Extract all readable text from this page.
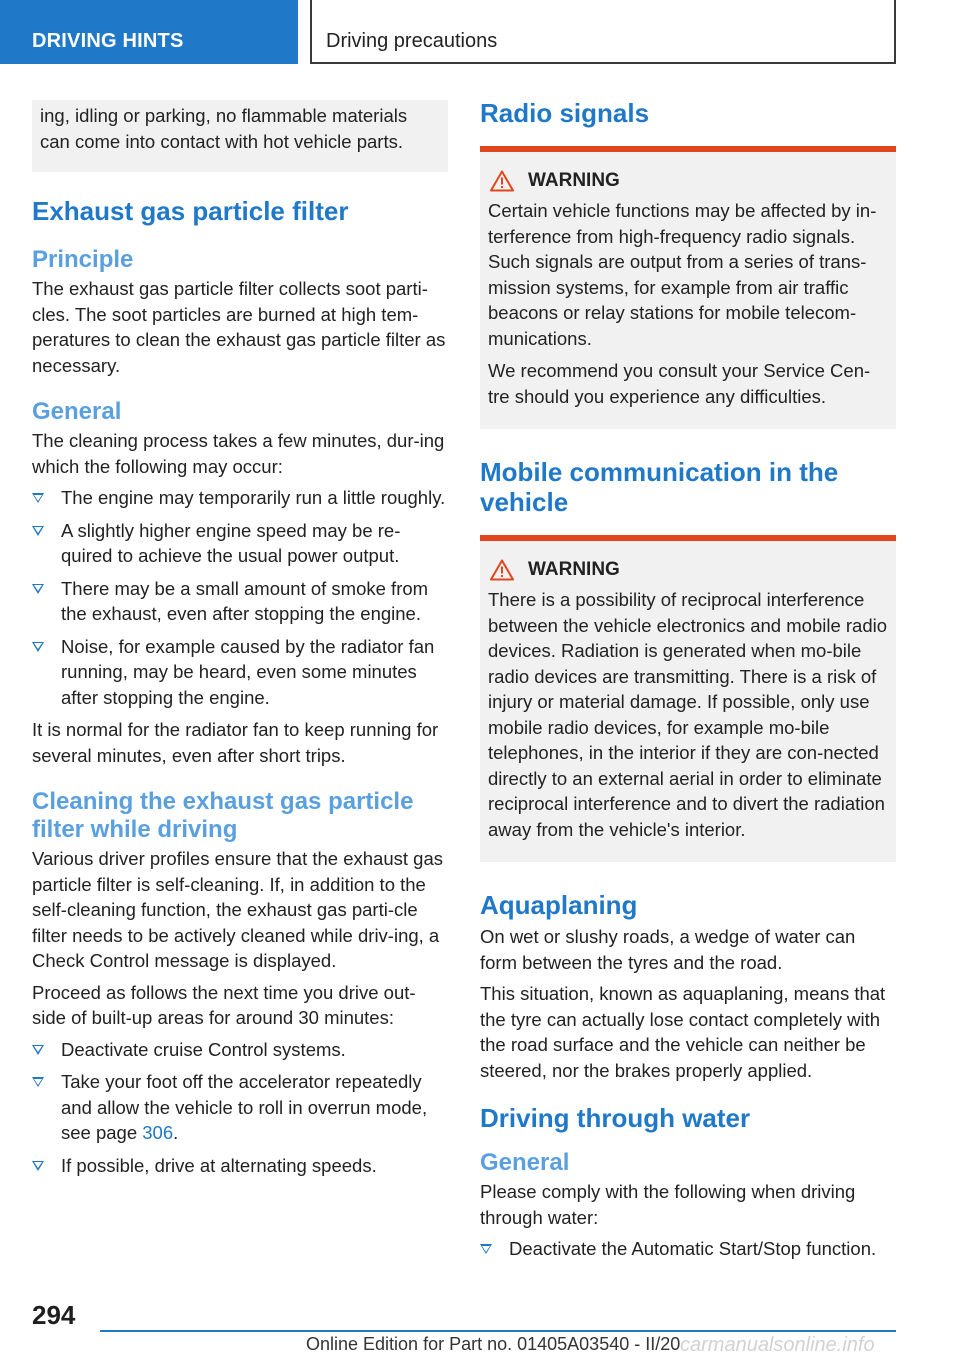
DRIVING HINTS	Driving precautions

ing, idling or parking, no flammable materials can come into contact with hot vehicle parts.

Exhaust gas particle filter
Principle

The exhaust gas particle filter collects soot parti-cles. The soot particles are burned at high tem-peratures to clean the exhaust gas particle filter as necessary.

General

The cleaning process takes a few minutes, dur-ing which the following may occur:

The engine may temporarily run a little roughly.
A slightly higher engine speed may be re-quired to achieve the usual power output.
There may be a small amount of smoke from the exhaust, even after stopping the engine.
Noise, for example caused by the radiator fan running, may be heard, even some minutes after stopping the engine.

It is normal for the radiator fan to keep running for several minutes, even after short trips.

Cleaning the exhaust gas particle filter while driving

Various driver profiles ensure that the exhaust gas particle filter is self-cleaning. If, in addition to the self-cleaning function, the exhaust gas parti-cle filter needs to be actively cleaned while driv-ing, a Check Control message is displayed.

Proceed as follows the next time you drive out-side of built-up areas for around 30 minutes:

Deactivate cruise Control systems.
Take your foot off the accelerator repeatedly and allow the vehicle to roll in overrun mode, see page 306.
If possible, drive at alternating speeds.
Radio signals
WARNING

Certain vehicle functions may be affected by in-terference from high-frequency radio signals. Such signals are output from a series of trans-mission systems, for example from air traffic beacons or relay stations for mobile telecom-munications.

We recommend you consult your Service Cen-tre should you experience any difficulties.

Mobile communication in the vehicle
WARNING

There is a possibility of reciprocal interference between the vehicle electronics and mobile radio devices. Radiation is generated when mo-bile radio devices are transmitting. There is a risk of injury or material damage. If possible, only use mobile radio devices, for example mo-bile telephones, in the interior if they are con-nected directly to an external aerial in order to eliminate reciprocal interference and to divert the radiation away from the vehicle's interior.

Aquaplaning

On wet or slushy roads, a wedge of water can form between the tyres and the road.

This situation, known as aquaplaning, means that the tyre can actually lose contact completely with the road surface and the vehicle can neither be steered, nor the brakes properly applied.

Driving through water
General

Please comply with the following when driving through water:

Deactivate the Automatic Start/Stop function.
294
Online Edition for Part no. 01405A03540 - II/20 carmanualsonline.info
